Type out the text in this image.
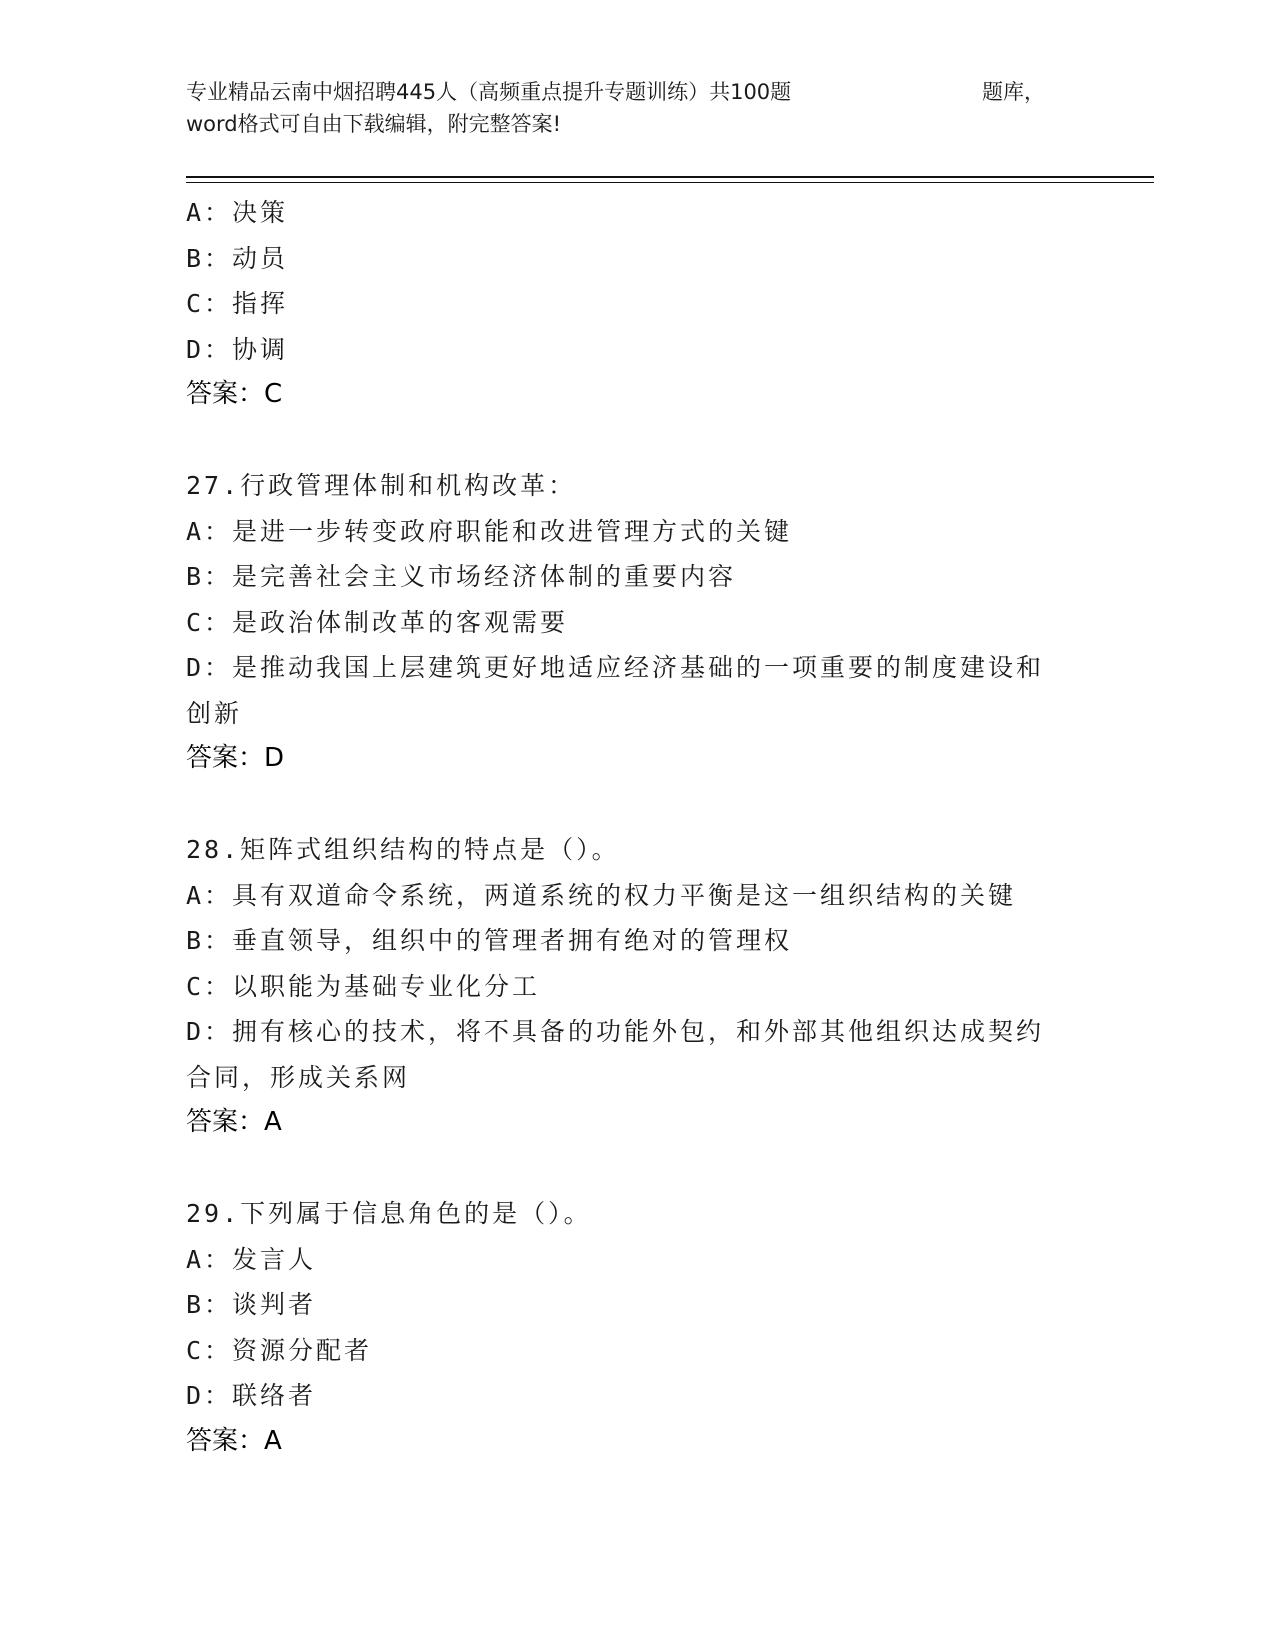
专业精品云南中烟招聘445人（高频重点提升专题训练）共100题	题库，
word格式可自由下载编辑，附完整答案!
A：决策
B：动员
C：指挥
D：协调
答案：C
27.行政管理体制和机构改革：
A：是进一步转变政府职能和改进管理方式的关键
B：是完善社会主义市场经济体制的重要内容
C：是政治体制改革的客观需要
D：是推动我国上层建筑更好地适应经济基础的一项重要的制度建设和
创新
答案：D
28.矩阵式组织结构的特点是（）。
A：具有双道命令系统，两道系统的权力平衡是这一组织结构的关键
B：垂直领导，组织中的管理者拥有绝对的管理权
C：以职能为基础专业化分工
D：拥有核心的技术，将不具备的功能外包，和外部其他组织达成契约
合同，形成关系网
答案：A
29.下列属于信息角色的是（）。
A：发言人
B：谈判者
C：资源分配者
D：联络者
答案：A
